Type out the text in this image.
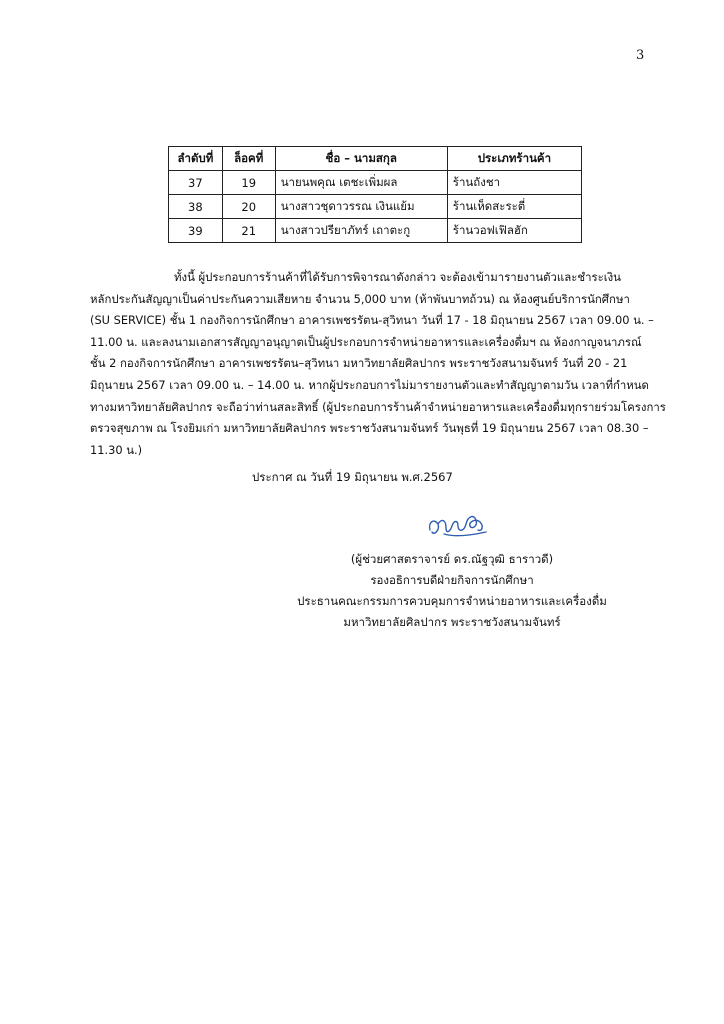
3
ลำดับที่	ล็อคที่	ชื่อ – นามสกุล	ประเภทร้านค้า
37	19	นายนพคุณ เตชะเพิ่มผล	ร้านถังชา
38	20	นางสาวชุดาวรรณ เงินแย้ม	ร้านเห็ดสะระตี่
39	21	นางสาวปรียาภัทร์ เถาตะกู	ร้านวอฟเฟิลฮัก

ทั้งนี้ ผู้ประกอบการร้านค้าที่ได้รับการพิจารณาดังกล่าว จะต้องเข้ามารายงานตัวและชำระเงิน
หลักประกันสัญญาเป็นค่าประกันความเสียหาย จำนวน 5,000 บาท (ห้าพันบาทถ้วน) ณ ห้องศูนย์บริการนักศึกษา
(SU SERVICE) ชั้น 1 กองกิจการนักศึกษา อาคารเพชรรัตน-สุวิทนา วันที่ 17 - 18 มิถุนายน 2567 เวลา 09.00 น. –
11.00 น. และลงนามเอกสารสัญญาอนุญาตเป็นผู้ประกอบการจำหน่ายอาหารและเครื่องดื่มฯ ณ ห้องกาญจนาภรณ์
ชั้น 2 กองกิจการนักศึกษา อาคารเพชรรัตน–สุวิทนา มหาวิทยาลัยศิลปากร พระราชวังสนามจันทร์ วันที่ 20 - 21
มิถุนายน 2567 เวลา 09.00 น. – 14.00 น. หากผู้ประกอบการไม่มารายงานตัวและทำสัญญาตามวัน เวลาที่กำหนด
ทางมหาวิทยาลัยศิลปากร จะถือว่าท่านสละสิทธิ์ (ผู้ประกอบการร้านค้าจำหน่ายอาหารและเครื่องดื่มทุกรายร่วมโครงการ
ตรวจสุขภาพ ณ โรงยิมเก่า มหาวิทยาลัยศิลปากร พระราชวังสนามจันทร์ วันพุธที่ 19 มิถุนายน 2567 เวลา 08.30 –
11.30 น.)

ประกาศ ณ วันที่ 19 มิถุนายน พ.ศ.2567
(ผู้ช่วยศาสตราจารย์ ดร.ณัฐวุฒิ ธาราวดี)
รองอธิการบดีฝ่ายกิจการนักศึกษา
ประธานคณะกรรมการควบคุมการจำหน่ายอาหารและเครื่องดื่ม
มหาวิทยาลัยศิลปากร พระราชวังสนามจันทร์
